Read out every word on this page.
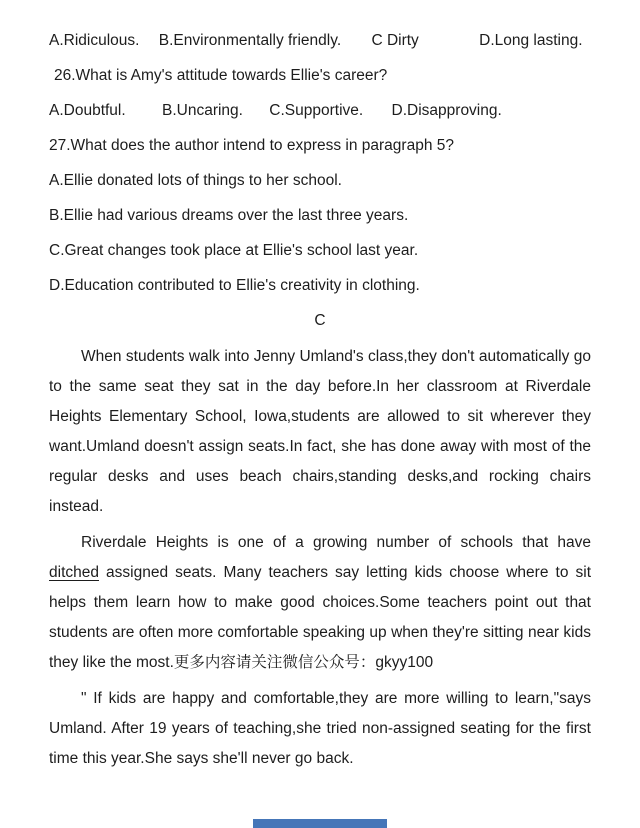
A.Ridiculous. B.Environmentally friendly. C Dirty	D.Long lasting.
26.What is Amy's attitude towards Ellie's career?
A.Doubtful. B.Uncaring. C.Supportive. D.Disapproving.
27.What does the author intend to express in paragraph 5?
A.Ellie donated lots of things to her school.
B.Ellie had various dreams over the last three years.
C.Great changes took place at Ellie's school last year.
D.Education contributed to Ellie's creativity in clothing.
C

When students walk into Jenny Umland's class,they don't automatically go to the same seat they sat in the day before.In her classroom at Riverdale Heights Elementary School, Iowa,students are allowed to sit wherever they want.Umland doesn't assign seats.In fact, she has done away with most of the regular desks and uses beach chairs,standing desks,and rocking chairs instead.

Riverdale Heights is one of a growing number of schools that have ditched assigned seats. Many teachers say letting kids choose where to sit helps them learn how to make good choices.Some teachers point out that students are often more comfortable speaking up when they're sitting near kids they like the most.更多内容请关注微信公众号：gkyy100

" If kids are happy and comfortable,they are more willing to learn,"says Umland. After 19 years of teaching,she tried non-assigned seating for the first time this year.She says she'll never go back.
